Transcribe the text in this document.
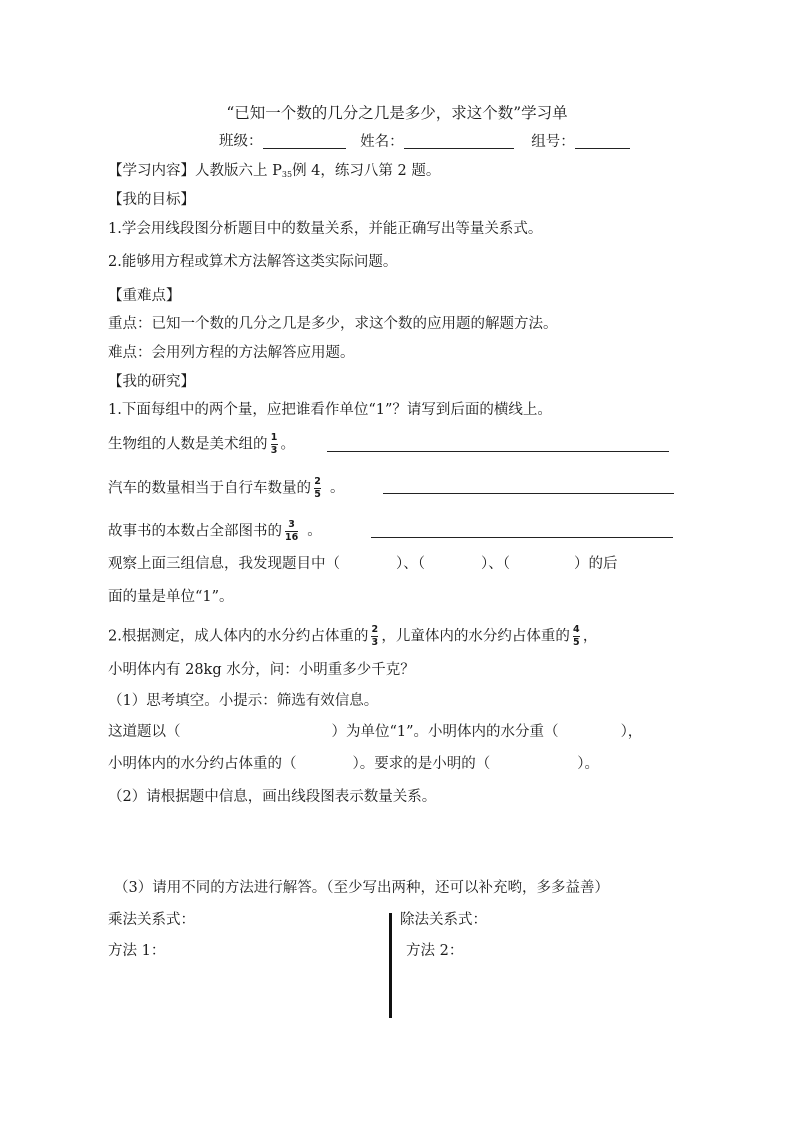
“已知一个数的几分之几是多少，求这个数”学习单
班级：	姓名：	组号：
【学习内容】人教版六上 $P_{35}$例 4，练习八第 2 题。
【我的目标】
1.学会用线段图分析题目中的数量关系，并能正确写出等量关系式。
2.能够用方程或算术方法解答这类实际问题。
【重难点】
重点：已知一个数的几分之几是多少，求这个数的应用题的解题方法。
难点：会用列方程的方法解答应用题。
【我的研究】
1.下面每组中的两个量，应把谁看作单位“1”？请写到后面的横线上。
生物组的人数是美术组的 $\frac{1}{3}$ 。
汽车的数量相当于自行车数量的 $\frac{2}{5}$ 。
故事书的本数占全部图书的 $\frac{3}{16}$ 。
观察上面三组信息，我发现题目中（	）、（	）、（	）的后
面的量是单位“1”。
2.根据测定，成人体内的水分约占体重的 $\frac{2}{3}$ ，儿童体内的水分约占体重的 $\frac{4}{5}$ ，
小明体内有 28kg 水分，问：小明重多少千克？
（1）思考填空。小提示：筛选有效信息。
这道题以（	）为单位“1”。小明体内的水分重（	），
小明体内的水分约占体重的（	）。要求的是小明的（	）。
（2）请根据题中信息，画出线段图表示数量关系。
（3）请用不同的方法进行解答。（至少写出两种，还可以补充哟，多多益善）
乘法关系式：
方法 1：
除法关系式：
方法 2：
